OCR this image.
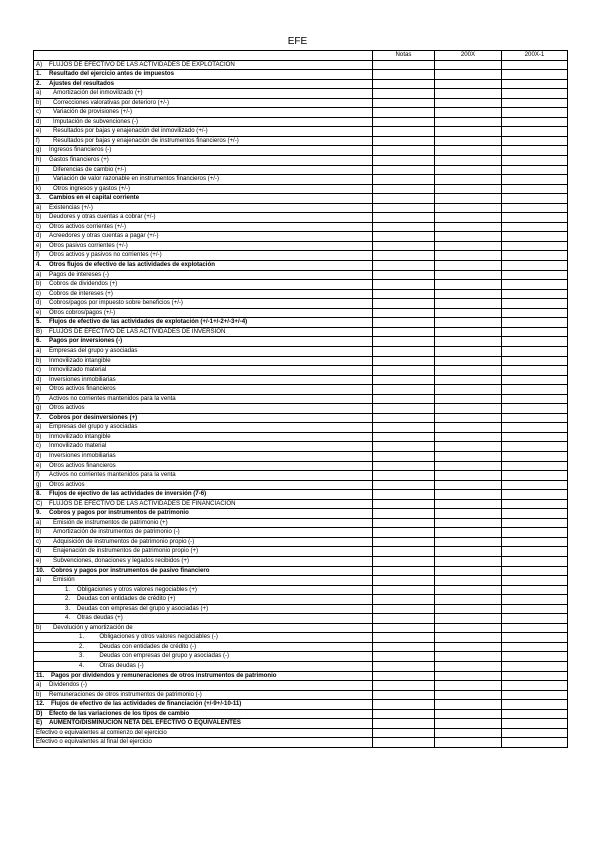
EFE
	Notas	200X	200X-1

A) FLUJOS DE EFECTIVO DE LAS ACTIVIDADES DE EXPLOTACIÓN			

1. Resultado del ejercicio antes de impuestos			

2. Ajustes del resultados			

a) Amortización del inmovilizado (+)			

b) Correcciones valorativas por deterioro (+/-)			

c) Variación de provisiones (+/-)			

d) Imputación de subvenciones (-)			

e) Resultados por bajas y enajenación del inmovilizado (+/-)			

f) Resultados por bajas y enajenación de instrumentos financieros (+/-)			

g) Ingresos financieros (-)			

h) Gastos financieros (+)			

i) Diferencias de cambio (+/-)			

j) Variación de valor razonable en instrumentos financieros (+/-)			

k) Otros ingresos y gastos (+/-)			

3. Cambios en el capital corriente			

a) Existencias (+/-)			

b) Deudores y otras cuentas a cobrar (+/-)			

c) Otros activos corrientes (+/-)			

d) Acreedores y otras cuentas a pagar (+/-)			

e) Otros pasivos corrientes (+/-)			

f) Otros activos y pasivos no corrientes (+/-)			

4. Otros flujos de efectivo de las actividades de explotación			

a) Pagos de intereses (-)			

b) Cobros de dividendos (+)			

c) Cobros de intereses (+)			

d) Cobros/pagos por impuesto sobre beneficios (+/-)			

e) Otros cobros/pagos (+/-)			

5. Flujos de efectivo de las actividades de explotación (+/-1+/-2+/-3+/-4)			

B) FLUJOS DE EFECTIVO DE LAS ACTIVIDADES DE INVERSIÓN			

6. Pagos por inversiones (-)			

a) Empresas del grupo y asociadas			

b) Inmovilizado intangible			

c) Inmovilizado material			

d) Inversiones inmobiliarias			

e) Otros activos financieros			

f) Activos no corrientes mantenidos para la venta			

g) Otros activos			

7. Cobros por desinversiones (+)			

a) Empresas del grupo y asociadas			

b) Inmovilizado intangible			

c) Inmovilizado material			

d) Inversiones inmobiliarias			

e) Otros activos financieros			

f) Activos no corrientes mantenidos para la venta			

g) Otros activos			

8. Flujos de ejectivo de las actividades de inversión (7-6)			

C) FLUJOS DE EFECTIVO DE LAS ACTIVIDADES DE FINANCIACIÓN			

9. Cobros y pagos por instrumentos de patrimonio			

a) Emisión de instrumentos de patrimonio (+)			

b) Amortización de instrumentos de patrimonio (-)			

c) Adquisición de instrumentos de patrimonio propio (-)			

d) Enajenación de instrumentos de patrimonio propio (+)			

e) Subvenciones, donaciones y legados recibidos (+)			

10. Cobros y pagos por instrumentos de pasivo financiero			

a) Emisión			

1.    Obligaciones y otros valores negociables (+)			

2.    Deudas con entidades de crédito (+)			

3.    Deudas con empresas del grupo y asociadas (+)			

4.    Otras deudas (+)			

b) Devolución y amortización de			

1.         Obligaciones y otros valores negociables (-)			

2.         Deudas con entidades de crédito (-)			

3.         Deudas con empresas del grupo y asociadas (-)			

4.         Otras deudas (-)			

11. Pagos por dividendos y remuneraciones de otros instrumentos de patrimonio			

a) Dividendos (-)			

b) Remuneraciones de otros instrumentos de patrimonio (-)			

12. Flujos de efectivo de las actividades de financiación (+/-9+/-10-11)			

D) Efecto de las variaciones de los tipos de cambio			

E) AUMENTO/DISMINUCIÓN NETA DEL EFECTIVO O EQUIVALENTES			

Efectivo o equivalentes al comienzo del ejercicio			

Efectivo o equivalentes al final del ejercicio			
